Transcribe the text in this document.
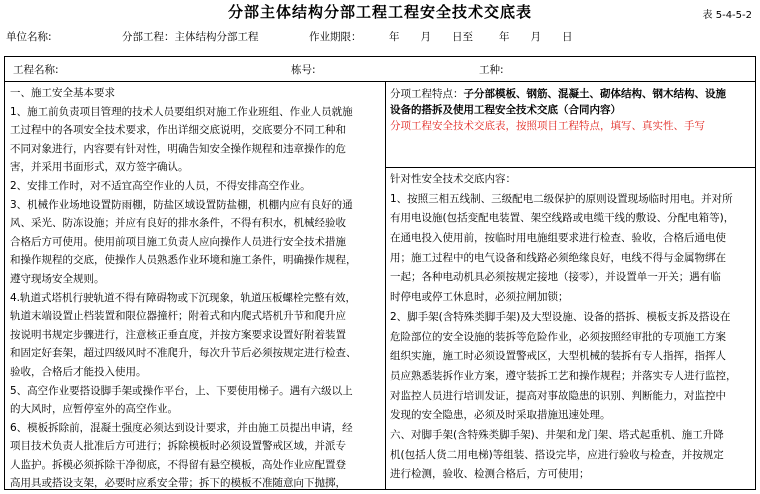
分部主体结构分部工程工程安全技术交底表	表 5-4-5-2
单位名称:	分部工程：主体结构分部工程	作业期限：	年　　月　　日至 年　　月　　日
工程名称:	栋号:	工种:
一、施工安全基本要求
1、施工前负责项目管理的技术人员要组织对施工作业班组、作业人员就施
工过程中的各项安全技术要求，作出详细交底说明，交底要分不同工种和
不同对象进行，内容要有针对性，明确告知安全操作规程和违章操作的危
害，并采用书面形式，双方签字确认。
2、安排工作时，对不适宜高空作业的人员，不得安排高空作业。
3、机械作业场地设置防雨棚，防盐区域设置防盐棚，机棚内应有良好的通
风、采光、防冻设施；并应有良好的排水条件，不得有积水，机械经验收
合格后方可使用。使用前项目施工负责人应向操作人员进行安全技术措施
和操作规程的交底，使操作人员熟悉作业环境和施工条件，明确操作规程，
遵守现场安全规则。
4.轨道式塔机行驶轨道不得有障碍物或下沉现象，轨道压板螺栓完整有效，
轨道末端设置止档装置和限位器撞杆；附着式和内爬式塔机升节和爬升应
按说明书规定步骤进行，注意核正垂直度，并按方案要求设置好附着装置
和固定好套架，超过四级风时不准爬升，每次升节后必须按规定进行检查、
验收，合格后才能投入使用。
5、高空作业要搭设脚手架或操作平台，上、下要使用梯子。遇有六级以上
的大风时，应暂停室外的高空作业。
6、模板拆除前，混凝土强度必须达到设计要求，并由施工员提出申请，经
项目技术负责人批准后方可进行；拆除模板时必须设置警戒区域，并派专
人监护。拆模必须拆除干净彻底，不得留有悬空模板，高处作业应配置登
高用具或搭设支架，必要时应系安全带；拆下的模板不准随意向下抛掷，
分项工程特点：子分部模板、钢筋、混凝土、砌体结构、钢木结构、设施
设备的搭拆及使用工程安全技术交底（合同内容）
分项工程安全技术交底表，按照项目工程特点，填写、真实性、手写
针对性安全技术交底内容：
1、按照三相五线制、三级配电二级保护的原则设置现场临时用电。并对所
有用电设施(包括变配电装置、架空线路或电缆干线的敷设、分配电箱等)，
在通电投入使用前，按临时用电施组要求进行检查、验收，合格后通电使
用；施工过程中的电气设备和线路必须绝缘良好，电线不得与金属物绑在
一起；各种电动机具必须按规定接地（接零），并设置单一开关；遇有临
时停电或停工休息时，必须拉闸加锁；
2、脚手架(含特殊类脚手架)及大型设施、设备的搭拆、模板支拆及搭设在
危险部位的安全设施的装拆等危险作业，必须按照经审批的专项施工方案
组织实施，施工时必须设置警戒区，大型机械的装拆有专人指挥，指挥人
员应熟悉装拆作业方案，遵守装拆工艺和操作规程；并落实专人进行监控，
对监控人员进行培训发证，提高对事故隐患的识别、判断能力，对监控中
发现的安全隐患，必须及时采取措施迅速处理。
六、对脚手架(含特殊类脚手架)、井架和龙门架、塔式起重机、施工升降
机(包括人货二用电梯)等组装、搭设完毕，应进行验收与检查，并按规定
进行检测，验收、检测合格后，方可使用；
